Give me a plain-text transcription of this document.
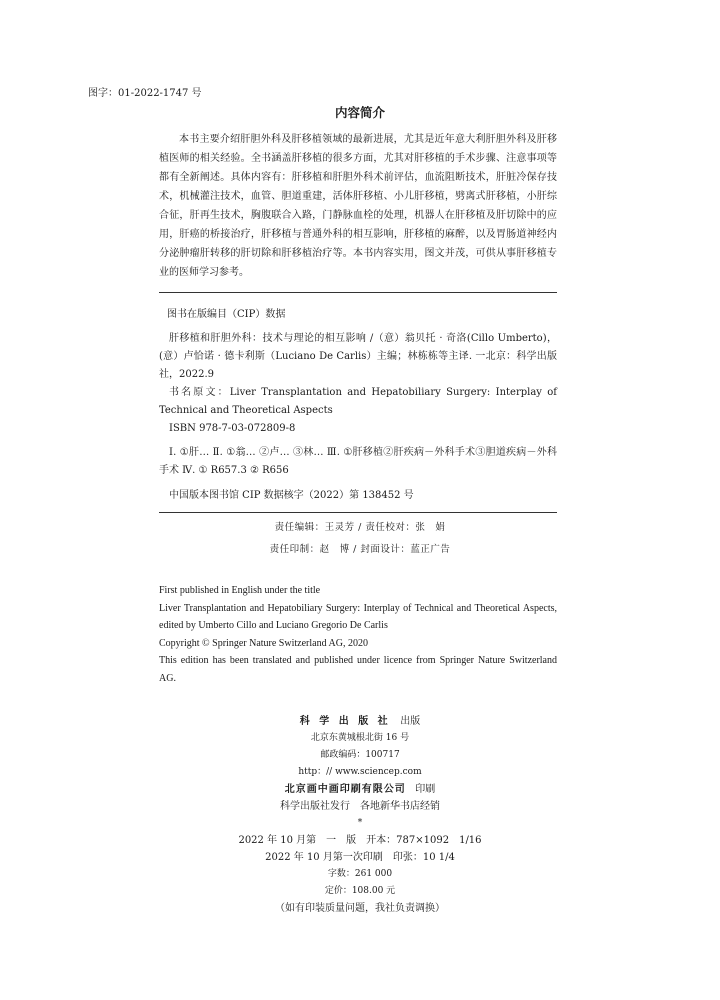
图字：01-2022-1747 号
内容简介

本书主要介绍肝胆外科及肝移植领域的最新进展，尤其是近年意大利肝胆外科及肝移植医师的相关经验。全书涵盖肝移植的很多方面，尤其对肝移植的手术步骤、注意事项等都有全新阐述。具体内容有：肝移植和肝胆外科术前评估，血流阻断技术，肝脏冷保存技术，机械灌注技术，血管、胆道重建，活体肝移植、小儿肝移植，劈离式肝移植，小肝综合征，肝再生技术，胸腹联合入路，门静脉血栓的处理，机器人在肝移植及肝切除中的应用，肝癌的桥接治疗，肝移植与普通外科的相互影响，肝移植的麻醉，以及胃肠道神经内分泌肿瘤肝转移的肝切除和肝移植治疗等。本书内容实用，图文并茂，可供从事肝移植专业的医师学习参考。

图书在版编目（CIP）数据

肝移植和肝胆外科：技术与理论的相互影响 /（意）翁贝托 · 奇洛(Cillo Umberto)，(意）卢恰诺 · 德卡利斯（Luciano De Carlis）主编；林栋栋等主译. 一北京：科学出版社，2022.9

书名原文：Liver Transplantation and Hepatobiliary Surgery: Interplay of Technical and Theoretical Aspects

ISBN 978-7-03-072809-8

Ⅰ. ①肝… Ⅱ. ①翁… ②卢… ③林… Ⅲ. ①肝移植②肝疾病－外科手术③胆道疾病－外科手术 Ⅳ. ① R657.3 ② R656

中国版本图书馆 CIP 数据核字（2022）第 138452 号

责任编辑：王灵芳 / 责任校对：张　娟
责任印制：赵　博 / 封面设计：蓝正广告

First published in English under the title

Liver Transplantation and Hepatobiliary Surgery: Interplay of Technical and Theoretical Aspects, edited by Umberto Cillo and Luciano Gregorio De Carlis

Copyright © Springer Nature Switzerland AG, 2020

This edition has been translated and published under licence from Springer Nature Switzerland AG.

科 学 出 版 社 出版
北京东黄城根北街 16 号
邮政编码：100717
http：// www.sciencep.com
北京画中画印刷有限公司 印刷
科学出版社发行　各地新华书店经销
*
2022 年 10 月第　一　版　开本：787×1092　1/16
2022 年 10 月第一次印刷　印张：10 1/4
字数：261 000
定价：108.00 元
（如有印装质量问题，我社负责调换）
